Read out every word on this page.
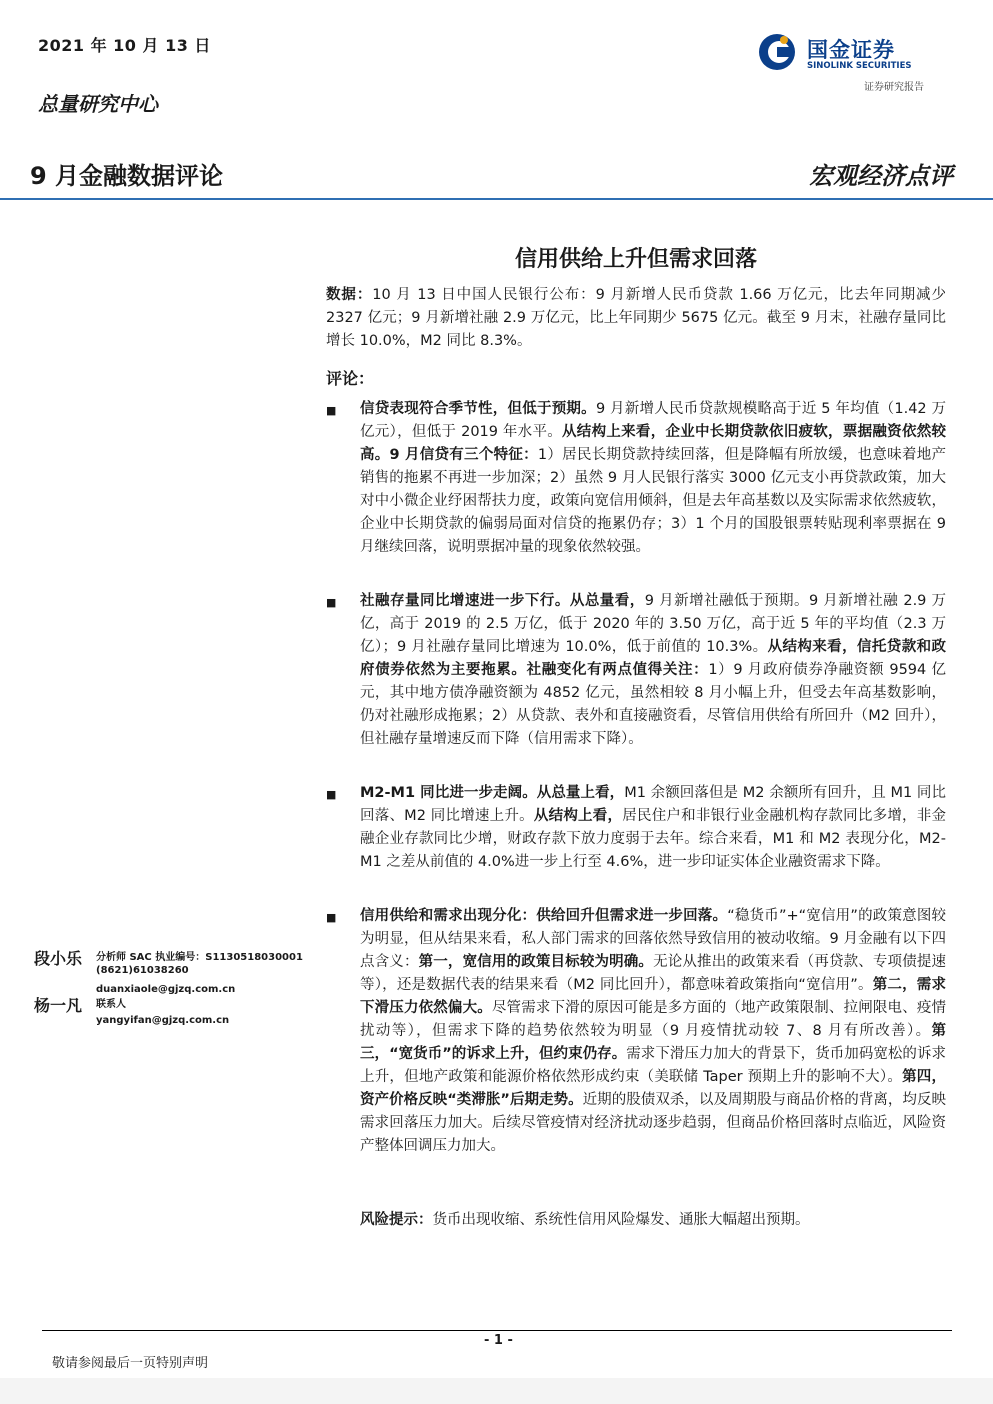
2021 年 10 月 13 日
总量研究中心
国金证券
SINOLINK SECURITIES
证券研究报告
9 月金融数据评论	宏观经济点评
信用供给上升但需求回落
数据：10 月 13 日中国人民银行公布：9 月新增人民币贷款 1.66 万亿元，比去年同期减少 2327 亿元；9 月新增社融 2.9 万亿元，比上年同期少 5675 亿元。截至 9 月末，社融存量同比增长 10.0%，M2 同比 8.3%。
评论：
■ 信贷表现符合季节性，但低于预期。9 月新增人民币贷款规模略高于近 5 年均值（1.42 万亿元），但低于 2019 年水平。从结构上来看，企业中长期贷款依旧疲软，票据融资依然较高。9 月信贷有三个特征：1）居民长期贷款持续回落，但是降幅有所放缓，也意味着地产销售的拖累不再进一步加深；2）虽然 9 月人民银行落实 3000 亿元支小再贷款政策，加大对中小微企业纾困帮扶力度，政策向宽信用倾斜，但是去年高基数以及实际需求依然疲软，企业中长期贷款的偏弱局面对信贷的拖累仍存；3）1 个月的国股银票转贴现利率票据在 9 月继续回落，说明票据冲量的现象依然较强。
■ 社融存量同比增速进一步下行。从总量看，9 月新增社融低于预期。9 月新增社融 2.9 万亿，高于 2019 的 2.5 万亿，低于 2020 年的 3.50 万亿，高于近 5 年的平均值（2.3 万亿）；9 月社融存量同比增速为 10.0%，低于前值的 10.3%。从结构来看，信托贷款和政府债券依然为主要拖累。社融变化有两点值得关注：1）9 月政府债券净融资额 9594 亿元，其中地方债净融资额为 4852 亿元，虽然相较 8 月小幅上升，但受去年高基数影响，仍对社融形成拖累；2）从贷款、表外和直接融资看，尽管信用供给有所回升（M2 回升），但社融存量增速反而下降（信用需求下降）。
■ M2-M1 同比进一步走阔。从总量上看，M1 余额回落但是 M2 余额所有回升，且 M1 同比回落、M2 同比增速上升。从结构上看，居民住户和非银行业金融机构存款同比多增，非金融企业存款同比少增，财政存款下放力度弱于去年。综合来看，M1 和 M2 表现分化，M2-M1 之差从前值的 4.0%进一步上行至 4.6%，进一步印证实体企业融资需求下降。
■ 信用供给和需求出现分化：供给回升但需求进一步回落。“稳货币”+“宽信用”的政策意图较为明显，但从结果来看，私人部门需求的回落依然导致信用的被动收缩。9 月金融有以下四点含义：第一，宽信用的政策目标较为明确。无论从推出的政策来看（再贷款、专项债提速等），还是数据代表的结果来看（M2 同比回升），都意味着政策指向“宽信用”。第二，需求下滑压力依然偏大。尽管需求下滑的原因可能是多方面的（地产政策限制、拉闸限电、疫情扰动等），但需求下降的趋势依然较为明显（9 月疫情扰动较 7、8 月有所改善）。第三，“宽货币”的诉求上升，但约束仍存。需求下滑压力加大的背景下，货币加码宽松的诉求上升，但地产政策和能源价格依然形成约束（美联储 Taper 预期上升的影响不大）。第四，资产价格反映“类滞胀”后期走势。近期的股债双杀，以及周期股与商品价格的背离，均反映需求回落压力加大。后续尽管疫情对经济扰动逐步趋弱，但商品价格回落时点临近，风险资产整体回调压力加大。
风险提示：货币出现收缩、系统性信用风险爆发、通胀大幅超出预期。
段小乐 分析师 SAC 执业编号：S1130518030001
(8621)61038260
duanxiaole@gjzq.com.cn
杨一凡 联系人
yangyifan@gjzq.com.cn
- 1 -
敬请参阅最后一页特别声明
